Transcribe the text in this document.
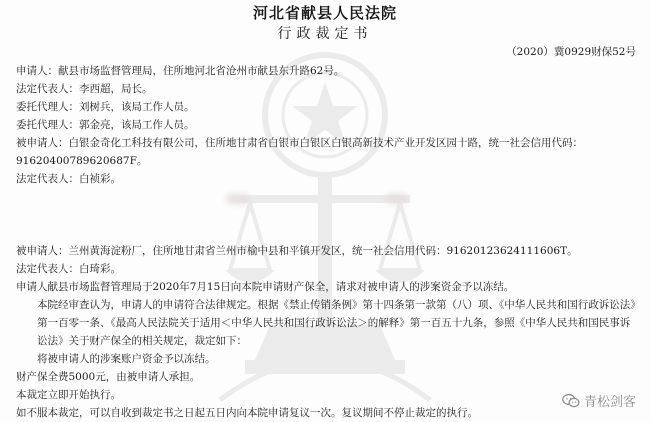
河北省献县人民法院
行政裁定书
（2020）冀0929财保52号
申请人：献县市场监督管理局，住所地河北省沧州市献县东升路62号。
法定代表人：李西超，局长。
委托代理人：刘树兵，该局工作人员。
委托代理人：郭金亮，该局工作人员。
被申请人：白银金奇化工科技有限公司，住所地甘肃省白银市白银区白银高新技术产业开发区园十路，统一社会信用代码：
91620400789620687F。
法定代表人：白祯彩。
被申请人：兰州黄海淀粉厂，住所地甘肃省兰州市榆中县和平镇开发区，统一社会信用代码：91620123624111606T。
法定代表人：白琦彩。
申请人献县市场监督管理局于2020年7月15日向本院申请财产保全，请求对被申请人的涉案资金予以冻结。
本院经审查认为，申请人的申请符合法律规定。根据《禁止传销条例》第十四条第一款第（八）项、《中华人民共和国行政诉讼法》第一百零一条、《最高人民法院关于适用＜中华人民共和国行政诉讼法＞的解释》第一百五十九条，参照《中华人民共和国民事诉讼法》关于财产保全的相关规定，裁定如下：
将被申请人的涉案账户资金予以冻结。
财产保全费5000元，由被申请人承担。
本裁定立即开始执行。
如不服本裁定，可以自收到裁定书之日起五日内向本院申请复议一次。复议期间不停止裁定的执行。
青松剑客
